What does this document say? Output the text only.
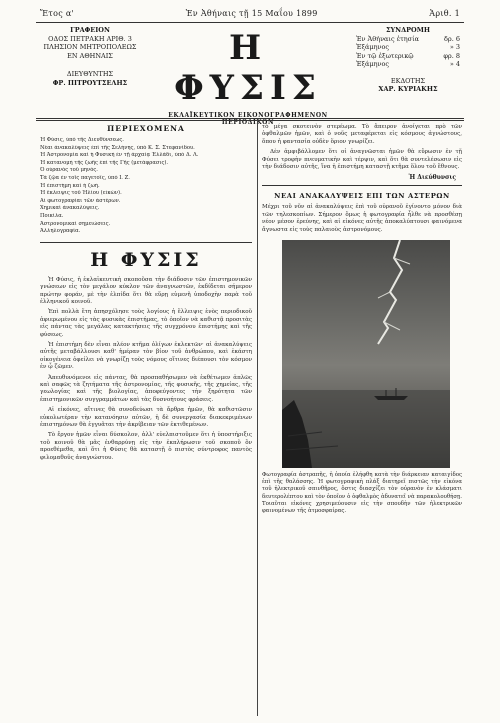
Ἔτος α'	Ἐν Ἀθήναις τῇ 15 Μαΐου 1899	Ἀριθ. 1
ΓΡΑΦΕΙΟΝ
ΟΔΟΣ ΠΕΤΡΑΚΗ ΑΡΙΘ. 3
ΠΛΗΣΙΟΝ ΜΗΤΡΟΠΟΛΕΩΣ
ΕΝ ΑΘΗΝΑΙΣ
ΔΙΕΥΘΥΝΤΗΣ
ΦΡ. ΠΙΤΡΟΥΤΣΕΛΗΣ
Η ΦΥΣΙΣ
ΕΚΛΑΪΚΕΥΤΙΚΟΝ ΕΙΚΟΝΟΓΡΑΦΗΜΕΝΟΝ ΠΕΡΙΟΔΙΚΟΝ
ΣΥΝΔΡΟΜΗ
Ἐν Ἀθήναις ἐτησία	δρ. 6
Ἑξάμηνος	» 3
Ἐν τῷ ἐξωτερικῷ	φρ. 8
Ἑξάμηνος	» 4
ΕΚΔΟΤΗΣ
ΧΑΡ. ΚΥΡΙΑΚΗΣ
ΠΕΡΙΕΧΟΜΕΝΑ
Ἡ Φύσις, ὑπὸ τῆς Διευθύνσεως.
Νέαι ἀνακαλύψεις ἐπὶ τῆς Σελήνης, ὑπὸ Κ. Σ. Στεφανίδου.
Ἡ Ἀστρονομία καὶ ἡ Φυσικὴ ἐν τῇ ἀρχαίᾳ Ἑλλάδι, ὑπὸ Δ. Λ.
Ἡ κατανομὴ τῆς ζωῆς ἐπὶ τῆς Γῆς (μετάφρασις).
Ὁ οὐρανὸς τοῦ μηνός.
Τὰ ζῷα ἐν τοῖς παγετοῖς, ὑπὸ Ι. Ζ.
Ἡ ἐπιστήμη καὶ ἡ ζωὴ.
Ἡ ἔκλειψις τοῦ Ἡλίου (εἰκών).
Αἱ φωτογραφίαι τῶν ἀστέρων.
Χημικαὶ ἀνακαλύψεις.
Ποικίλα.
Ἀστρονομικαὶ σημειώσεις.
Ἀλληλογραφία.
Η ΦΥΣΙΣ

Ἡ Φύσις, ἡ ἐκλαϊκευτικὴ σκοποῦσα τὴν διάδοσιν τῶν ἐπιστημονικῶν γνώσεων εἰς τὸν μεγάλον κύκλον τῶν ἀναγνωστῶν, ἐκδίδεται σήμερον πρώτην φοράν, μὲ τὴν ἐλπίδα ὅτι θὰ εὕρῃ εὐμενῆ ὑποδοχὴν παρὰ τοῦ ἑλληνικοῦ κοινοῦ.

Ἐπὶ πολλὰ ἔτη ἀπησχόλησε τοὺς λογίους ἡ ἔλλειψις ἑνὸς περιοδικοῦ ἀφιερωμένου εἰς τὰς φυσικὰς ἐπιστήμας, τὸ ὁποῖον νὰ καθιστᾷ προσιτὰς εἰς πάντας τὰς μεγάλας κατακτήσεις τῆς συγχρόνου ἐπιστήμης καὶ τῆς φύσεως.

Ἡ ἐπιστήμη δὲν εἶναι πλέον κτῆμα ὀλίγων ἐκλεκτῶν· αἱ ἀνακαλύψεις αὐτῆς μεταβάλλουσι καθ' ἡμέραν τὸν βίον τοῦ ἀνθρώπου, καὶ ἑκάστη οἰκογένεια ὀφείλει νὰ γνωρίζῃ τοὺς νόμους οἵτινες διέπουσι τὸν κόσμον ἐν ᾧ ζῶμεν.

Ἀπευθυνόμενοι εἰς πάντας, θὰ προσπαθήσωμεν νὰ ἐκθέτωμεν ἁπλῶς καὶ σαφῶς τὰ ζητήματα τῆς ἀστρονομίας, τῆς φυσικῆς, τῆς χημείας, τῆς γεωλογίας καὶ τῆς βιολογίας, ἀποφεύγοντες τὴν ξηρότητα τῶν ἐπιστημονικῶν συγγραμμάτων καὶ τὰς δυσνοήτους φράσεις.

Αἱ εἰκόνες, αἵτινες θὰ συνοδεύωσι τὰ ἄρθρα ἡμῶν, θὰ καθιστῶσιν εὐκολωτέραν τὴν κατανόησιν αὐτῶν, ἡ δὲ συνεργασία διακεκριμένων ἐπιστημόνων θὰ ἐγγυᾶται τὴν ἀκρίβειαν τῶν ἐκτιθεμένων.

Τὸ ἔργον ἡμῶν εἶναι δύσκολον, ἀλλ' εὐελπιστοῦμεν ὅτι ἡ ὑποστήριξις τοῦ κοινοῦ θὰ μᾶς ἐνθαρρύνῃ εἰς τὴν ἐκπλήρωσιν τοῦ σκοποῦ ὃν προεθέμεθα, καὶ ὅτι ἡ Φύσις θὰ καταστῇ ὁ πιστὸς σύντροφος παντὸς φιλομαθοῦς ἀναγνώστου.

τὸ μέγα σκοτεινὸν στερέωμα. Τὸ ἄπειρον ἀνοίγεται πρὸ τῶν ὀφθαλμῶν ἡμῶν, καὶ ὁ νοῦς μεταφέρεται εἰς κόσμους ἀγνώστους, ὅπου ἡ φαντασία οὐδὲν ὅριον γνωρίζει.

Δὲν ἀμφιβάλλομεν ὅτι οἱ ἀναγνῶσται ἡμῶν θὰ εὕρωσιν ἐν τῇ Φύσει τροφὴν πνευματικὴν καὶ τέρψιν, καὶ ὅτι θὰ συντελέσωσιν εἰς τὴν διάδοσιν αὐτῆς, ἵνα ἡ ἐπιστήμη καταστῇ κτῆμα ὅλου τοῦ ἔθνους.

Ἡ Διεύθυνσις
ΝΕΑΙ ΑΝΑΚΑΛΥΨΕΙΣ ΕΠΙ ΤΩΝ ΑΣΤΕΡΩΝ
Μέχρι τοῦ νῦν αἱ ἀνακαλύψεις ἐπὶ τοῦ οὐρανοῦ ἐγίνοντο μόνον διὰ τῶν τηλεσκοπίων. Σήμερον ὅμως ἡ φωτογραφία ἦλθε νὰ προσθέσῃ νέον μέσον ἐρεύνης, καὶ αἱ εἰκόνες αὐτῆς ἀποκαλύπτουσι φαινόμενα ἄγνωστα εἰς τοὺς παλαιοὺς ἀστρονόμους.
Φωτογραφία ἀστραπῆς, ἡ ὁποία ἐλήφθη κατὰ τὴν διάρκειαν καταιγίδος ἐπὶ τῆς θαλάσσης. Ἡ φωτογραφικὴ πλάξ διατηρεῖ πιστῶς τὴν εἰκόνα τοῦ ἠλεκτρικοῦ σπινθῆρος, ὅστις διασχίζει τὸν οὐρανὸν ἐν κλάσματι δευτερολέπτου καὶ τὸν ὁποῖον ὁ ὀφθαλμὸς ἀδυνατεῖ νὰ παρακολουθήσῃ. Τοιαῦται εἰκόνες χρησιμεύουσιν εἰς τὴν σπουδὴν τῶν ἠλεκτρικῶν φαινομένων τῆς ἀτμοσφαίρας.
